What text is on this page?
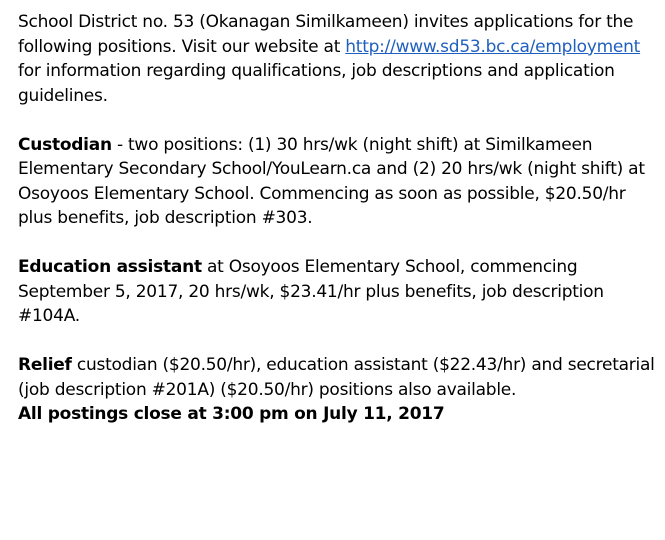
School District no. 53 (Okanagan Similkameen) invites applications for the following positions. Visit our website at http://www.sd53.bc.ca/employment for information regarding qualifications, job descriptions and application guidelines.

Custodian - two positions: (1) 30 hrs/wk (night shift) at Similkameen Elementary Secondary School/YouLearn.ca and (2) 20 hrs/wk (night shift) at Osoyoos Elementary School. Commencing as soon as possible, $20.50/hr plus benefits, job description #303.

Education assistant at Osoyoos Elementary School, commencing September 5, 2017, 20 hrs/wk, $23.41/hr plus benefits, job description #104A.

Relief custodian ($20.50/hr), education assistant ($22.43/hr) and secretarial (job description #201A) ($20.50/hr) positions also available.

All postings close at 3:00 pm on July 11, 2017
